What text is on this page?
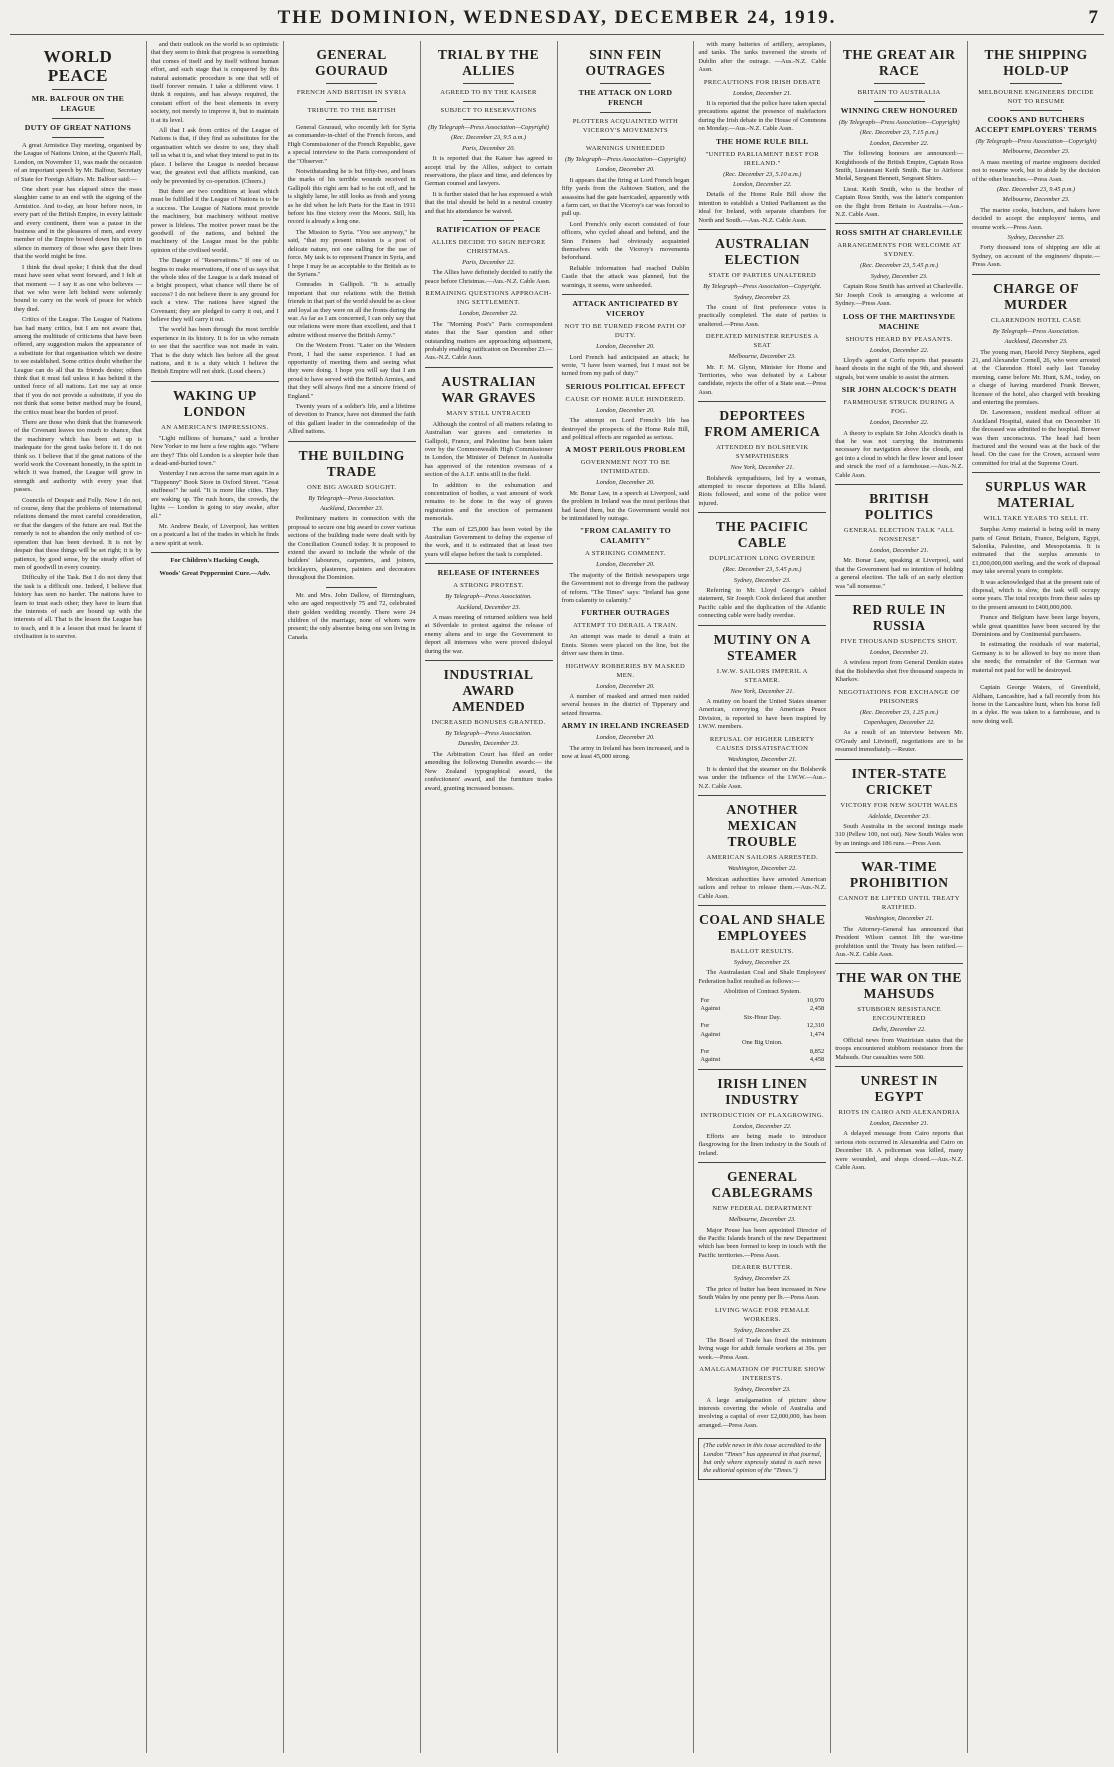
THE DOMINION, WEDNESDAY, DECEMBER 24, 1919.	7
WORLD PEACE
MR. BALFOUR ON THE LEAGUE
DUTY OF GREAT NATIONS

A great Armistice Day meeting, organised by the League of Nations Union, at the Queen's Hall, London, on November 11, was made the occasion of an important speech by Mr. Balfour, Secretary of State for Foreign Affairs. Mr. Balfour said:—

One short year has elapsed since the mass slaughter came to an end with the signing of the Armistice. And to-day, an hour before noon, in every part of the British Empire, in every latitude and every continent, there was a pause in the business and in the pleasures of men, and every member of the Empire bowed down his spirit in silence in memory of those who gave their lives that the world might be free.

I think the dead spoke; I think that the dead must have seen what went forward, and I felt at that moment — I say it as one who believes — that we who were left behind were solemnly bound to carry on the work of peace for which they died.

Critics of the League. The League of Nations has had many critics, but I am not aware that, among the multitude of criticisms that have been offered, any suggestion makes the appearance of a substitute for that organisation which we desire to see established. Some critics doubt whether the League can do all that its friends desire; others think that it must fail unless it has behind it the united force of all nations. Let me say at once that if you do not provide a substitute, if you do not think that some better method may be found, the critics must bear the burden of proof.

There are those who think that the framework of the Covenant leaves too much to chance, that the machinery which has been set up is inadequate for the great tasks before it. I do not think so. I believe that if the great nations of the world work the Covenant honestly, in the spirit in which it was framed, the League will grow in strength and authority with every year that passes.

Councils of Despair and Folly. Now I do not, of course, deny that the problems of international relations demand the most careful consideration, or that the dangers of the future are real. But the remedy is not to abandon the only method of co-operation that has been devised. It is not by despair that these things will be set right; it is by patience, by good sense, by the steady effort of men of goodwill in every country.

Difficulty of the Task. But I do not deny that the task is a difficult one. Indeed, I believe that history has seen no harder. The nations have to learn to trust each other; they have to learn that the interests of each are bound up with the interests of all. That is the lesson the League has to teach, and it is a lesson that must be learnt if civilisation is to survive.

and their outlook on the world is so optimistic that they seem to think that progress is something that comes of itself and by itself without human effort, and such stage that is conquered by this natural automatic procedure is one that will of itself forever remain. I take a different view. I think it requires, and has always required, the constant effort of the best elements in every society, not merely to improve it, but to maintain it at its level.

All that I ask from critics of the League of Nations is that, if they find us substitutes for the organisation which we desire to see, they shall tell us what it is, and what they intend to put in its place. I believe the League is needed because war, the greatest evil that afflicts mankind, can only be prevented by co-operation. (Cheers.)

But there are two conditions at least which must be fulfilled if the League of Nations is to be a success. The League of Nations must provide the machinery, but machinery without motive power is lifeless. The motive power must be the goodwill of the nations, and behind the machinery of the League must be the public opinion of the civilised world.

The Danger of "Reservations." If one of us begins to make reservations, if one of us says that the whole idea of the League is a dark instead of a bright prospect, what chance will there be of success? I do not believe there is any ground for such a view. The nations have signed the Covenant; they are pledged to carry it out, and I believe they will carry it out.

The world has been through the most terrible experience in its history. It is for us who remain to see that the sacrifice was not made in vain. That is the duty which lies before all the great nations, and it is a duty which I believe the British Empire will not shirk. (Loud cheers.)

WAKING UP LONDON
AN AMERICAN'S IMPRESSIONS.

"Light millions of humans," said a brother New Yorker to me here a few nights ago. "Where are they? This old London is a sleepier hole than a dead-and-buried town."

Yesterday I ran across the same man again in a "Tuppenny" Book Store in Oxford Street. "Great stuffness!" he said. "It is more like cities. They are waking up. The rush hours, the crowds, the lights — London is going to stay awake, after all."

Mr. Andrew Beale, of Liverpool, has written on a postcard a list of the trades in which he finds a new spirit at work.

For Children's Hacking Cough,
Woods' Great Peppermint Cure.—Adv.
GENERAL GOURAUD
FRENCH AND BRITISH IN SYRIA
TRIBUTE TO THE BRITISH

General Gouraud, who recently left for Syria as commander-in-chief of the French forces, and High Commissioner of the French Republic, gave a special interview to the Paris correspondent of the "Observer."

Notwithstanding he is but fifty-two, and bears the marks of his terrible wounds received in Gallipoli this right arm had to be cut off, and he is slightly lame, he still looks as fresh and young as he did when he left Paris for the East in 1911 before his fine victory over the Moors. Still, his record is already a long one.

The Mission to Syria. "You see anyway," he said, "that my present mission is a post of delicate nature, not one calling for the use of force. My task is to represent France in Syria, and I hope I may be as acceptable to the British as to the Syrians."

Comrades in Gallipoli. "It is actually important that our relations with the British friends in that part of the world should be as close and loyal as they were on all the fronts during the war. As far as I am concerned, I can only say that our relations were more than excellent, and that I admire without reserve the British Army."

On the Western Front. "Later on the Western Front, I had the same experience. I had an opportunity of meeting them and seeing what they were doing. I hope you will say that I am proud to have served with the British Armies, and that they will always find me a sincere friend of England."

Twenty years of a soldier's life, and a lifetime of devotion to France, have not dimmed the faith of this gallant leader in the comradeship of the Allied nations.

THE BUILDING TRADE
ONE BIG AWARD SOUGHT.
By Telegraph—Press Association.
Auckland, December 23.

Preliminary matters in connection with the proposal to secure one big award to cover various sections of the building trade were dealt with by the Conciliation Council today. It is proposed to extend the award to include the whole of the builders' labourers, carpenters, and joiners, bricklayers, plasterers, painters and decorators throughout the Dominion.

Mr. and Mrs. John Dallow, of Birmingham, who are aged respectively 75 and 72, celebrated their golden wedding recently. There were 24 children of the marriage, none of whom were present; the only absentee being one son living in Canada.

TRIAL BY THE ALLIES
AGREED TO BY THE KAISER
SUBJECT TO RESERVATIONS
(By Telegraph—Press Association—Copyright)
(Rec. December 23, 9.5 a.m.)
Paris, December 20.

It is reported that the Kaiser has agreed to accept trial by the Allies, subject to certain reservations, the place and time, and defences by German counsel and lawyers.

It is further stated that he has expressed a wish that the trial should be held in a neutral country and that his attendance be waived.

RATIFICATION OF PEACE
ALLIES DECIDE TO SIGN BEFORE CHRISTMAS.
Paris, December 22.

The Allies have definitely decided to ratify the peace before Christmas.—Aus.-N.Z. Cable Assn.

REMAINING QUESTIONS APPROACH-ING SETTLEMENT.
London, December 22.

The "Morning Post's" Paris correspondent states that the Saar question and other outstanding matters are approaching adjustment, probably enabling ratification on December 23.—Aus.-N.Z. Cable Assn.

AUSTRALIAN WAR GRAVES
MANY STILL UNTRACED

Although the control of all matters relating to Australian war graves and cemeteries in Gallipoli, France, and Palestine has been taken over by the Commonwealth High Commissioner in London, the Minister of Defence in Australia has approved of the retention overseas of a section of the A.I.F. units still in the field.

In addition to the exhumation and concentration of bodies, a vast amount of work remains to be done in the way of graves registration and the erection of permanent memorials.

The sum of £25,000 has been voted by the Australian Government to defray the expense of the work, and it is estimated that at least two years will elapse before the task is completed.

RELEASE OF INTERNEES
A STRONG PROTEST.
By Telegraph—Press Association.
Auckland, December 23.

A mass meeting of returned soldiers was held at Silverdale to protest against the release of enemy aliens and to urge the Government to deport all internees who were proved disloyal during the war.

INDUSTRIAL AWARD AMENDED
INCREASED BONUSES GRANTED.
By Telegraph—Press Association.
Dunedin, December 23.

The Arbitration Court has filed an order amending the following Dunedin awards:— the New Zealand typographical award, the confectioners' award, and the furniture trades award, granting increased bonuses.

SINN FEIN OUTRAGES
THE ATTACK ON LORD FRENCH
PLOTTERS ACQUAINTED WITH VICEROY'S MOVEMENTS
WARNINGS UNHEEDED
(By Telegraph—Press Association—Copyright)
London, December 20.

It appears that the firing at Lord French began fifty yards from the Ashtown Station, and the assassins had the gate barricaded, apparently with a farm cart, so that the Viceroy's car was forced to pull up.

Lord French's only escort consisted of four officers, who cycled ahead and behind, and the Sinn Feiners had obviously acquainted themselves with the Viceroy's movements beforehand.

Reliable information had reached Dublin Castle that the attack was planned, but the warnings, it seems, were unheeded.

ATTACK ANTICIPATED BY VICEROY
NOT TO BE TURNED FROM PATH OF DUTY.
London, December 20.

Lord French had anticipated an attack; he wrote, "I have been warned, but I must not be turned from my path of duty."

SERIOUS POLITICAL EFFECT
CAUSE OF HOME RULE HINDERED.
London, December 20.

The attempt on Lord French's life has destroyed the prospects of the Home Rule Bill, and political effects are regarded as serious.

A MOST PERILOUS PROBLEM
GOVERNMENT NOT TO BE INTIMIDATED.
London, December 20.

Mr. Bonar Law, in a speech at Liverpool, said the problem in Ireland was the most perilous that had faced them, but the Government would not be intimidated by outrage.

"FROM CALAMITY TO CALAMITY"
A STRIKING COMMENT.
London, December 20.

The majority of the British newspapers urge the Government not to diverge from the pathway of reform. "The Times" says: "Ireland has gone from calamity to calamity."

FURTHER OUTRAGES
ATTEMPT TO DERAIL A TRAIN.

An attempt was made to derail a train at Ennis. Stones were placed on the line, but the driver saw them in time.

HIGHWAY ROBBERIES BY MASKED MEN.
London, December 20.

A number of masked and armed men raided several houses in the district of Tipperary and seized firearms.

ARMY IN IRELAND INCREASED
London, December 20.

The army in Ireland has been increased, and is now at least 45,000 strong.

with many batteries of artillery, aeroplanes, and tanks. The tanks traversed the streets of Dublin after the outrage. —Aus.-N.Z. Cable Assn.

PRECAUTIONS FOR IRISH DEBATE
London, December 21.

It is reported that the police have taken special precautions against the presence of malefactors during the Irish debate in the House of Commons on Monday.—Aus.-N.Z. Cable Assn.

THE HOME RULE BILL
"UNITED PARLIAMENT BEST FOR IRELAND."
(Rec. December 23, 5.10 a.m.)
London, December 22.

Details of the Home Rule Bill show the intention to establish a United Parliament as the ideal for Ireland, with separate chambers for North and South.—Aus.-N.Z. Cable Assn.

AUSTRALIAN ELECTION
STATE OF PARTIES UNALTERED
By Telegraph—Press Association—Copyright.
Sydney, December 23.

The count of first preference votes is practically completed. The state of parties is unaltered.—Press Assn.

DEFEATED MINISTER REFUSES A SEAT
Melbourne, December 23.

Mr. F. M. Glynn, Minister for Home and Territories, who was defeated by a Labour candidate, rejects the offer of a State seat.—Press Assn.

DEPORTEES FROM AMERICA
ATTENDED BY BOLSHEVIK SYMPATHISERS
New York, December 21.

Bolshevik sympathisers, led by a woman, attempted to rescue deportees at Ellis Island. Riots followed, and some of the police were injured.

THE PACIFIC CABLE
DUPLICATION LONG OVERDUE
(Rec. December 23, 5.45 p.m.)
Sydney, December 23.

Referring to Mr. Lloyd George's cabled statement, Sir Joseph Cook declared that another Pacific cable and the duplication of the Atlantic connecting cable were badly overdue.

MUTINY ON A STEAMER
I.W.W. SAILORS IMPERIL A STEAMER.
New York, December 21.

A mutiny on board the United States steamer American, conveying the American Peace Division, is reported to have been inspired by I.W.W. members.

REFUSAL OF HIGHER LIBERTY CAUSES DISSATISFACTION
Washington, December 21.

It is denied that the steamer on the Bolshevik was under the influence of the I.W.W.—Aus.-N.Z. Cable Assn.

ANOTHER MEXICAN TROUBLE
AMERICAN SAILORS ARRESTED.
Washington, December 22.

Mexican authorities have arrested American sailors and refuse to release them.—Aus.-N.Z. Cable Assn.

COAL AND SHALE EMPLOYEES
BALLOT RESULTS.
Sydney, December 23.

The Australasian Coal and Shale Employees' Federation ballot resulted as follows:—

Abolition of Contract System.	
For	10,970
Against	2,458
Six-Hour Day.	
For	12,310
Against	1,474
One Big Union.	
For	8,852
Against	4,458
IRISH LINEN INDUSTRY
INTRODUCTION OF FLAXGROWING.
London, December 22.

Efforts are being made to introduce flaxgrowing for the linen industry in the South of Ireland.

GENERAL CABLEGRAMS
NEW FEDERAL DEPARTMENT
Melbourne, December 23.

Major Pouse has been appointed Director of the Pacific Islands branch of the new Department which has been formed to keep in touch with the Pacific territories.—Press Assn.

DEARER BUTTER.
Sydney, December 23.

The price of butter has been increased in New South Wales by one penny per lb.—Press Assn.

LIVING WAGE FOR FEMALE WORKERS.
Sydney, December 23.

The Board of Trade has fixed the minimum living wage for adult female workers at 39s. per week.—Press Assn.

AMALGAMATION OF PICTURE SHOW INTERESTS.
Sydney, December 23.

A large amalgamation of picture show interests covering the whole of Australia and involving a capital of over £2,000,000, has been arranged.—Press Assn.

(The cable news in this issue accredited to the London "Times" has appeared in that journal, but only where expressly stated is such news the editorial opinion of the "Times.")
THE GREAT AIR RACE
BRITAIN TO AUSTRALIA
WINNING CREW HONOURED
(By Telegraph—Press Association—Copyright)
(Rec. December 23, 7.15 p.m.)
London, December 22.

The following honours are announced:— Knighthoods of the British Empire, Captain Ross Smith, Lieutenant Keith Smith. Bar to Airforce Medal, Sergeant Bennett, Sergeant Shiers.

Lieut. Keith Smith, who is the brother of Captain Ross Smith, was the latter's companion on the flight from Britain to Australia.—Aus.-N.Z. Cable Assn.

ROSS SMITH AT CHARLEVILLE
ARRANGEMENTS FOR WELCOME AT SYDNEY.
(Rec. December 23, 5.45 p.m.)
Sydney, December 23.

Captain Ross Smith has arrived at Charleville. Sir Joseph Cook is arranging a welcome at Sydney.—Press Assn.

LOSS OF THE MARTINSYDE MACHINE
SHOUTS HEARD BY PEASANTS.
London, December 22.

Lloyd's agent at Corfu reports that peasants heard shouts in the night of the 9th, and showed signals, but were unable to assist the airmen.

SIR JOHN ALCOCK'S DEATH
FARMHOUSE STRUCK DURING A FOG.
London, December 22.

A theory to explain Sir John Alcock's death is that he was not carrying the instruments necessary for navigation above the clouds, and got into a cloud in which he flew lower and lower and struck the roof of a farmhouse.—Aus.-N.Z. Cable Assn.

BRITISH POLITICS
GENERAL ELECTION TALK "ALL NONSENSE"
London, December 21.

Mr. Bonar Law, speaking at Liverpool, said that the Government had no intention of holding a general election. The talk of an early election was "all nonsense."

RED RULE IN RUSSIA
FIVE THOUSAND SUSPECTS SHOT.
London, December 21.

A wireless report from General Denikin states that the Bolsheviks shot five thousand suspects in Kharkov.

NEGOTIATIONS FOR EXCHANGE OF PRISONERS
(Rec. December 23, 1.25 p.m.)
Copenhagen, December 22.

As a result of an interview between Mr. O'Grady and Litvinoff, negotiations are to be resumed immediately.—Reuter.

INTER-STATE CRICKET
VICTORY FOR NEW SOUTH WALES
Adelaide, December 23.

South Australia in the second innings made 310 (Pellew 100, not out). New South Wales won by an innings and 186 runs.—Press Assn.

WAR-TIME PROHIBITION
CANNOT BE LIFTED UNTIL TREATY RATIFIED.
Washington, December 21.

The Attorney-General has announced that President Wilson cannot lift the war-time prohibition until the Treaty has been ratified.—Aus.-N.Z. Cable Assn.

THE WAR ON THE MAHSUDS
STUBBORN RESISTANCE ENCOUNTERED
Delhi, December 22.

Official news from Waziristan states that the troops encountered stubborn resistance from the Mahsuds. Our casualties were 500.

UNREST IN EGYPT
RIOTS IN CAIRO AND ALEXANDRIA
London, December 21.

A delayed message from Cairo reports that serious riots occurred in Alexandria and Cairo on December 18. A policeman was killed, many were wounded, and shops closed.—Aus.-N.Z. Cable Assn.

THE SHIPPING HOLD-UP
MELBOURNE ENGINEERS DECIDE NOT TO RESUME
COOKS AND BUTCHERS ACCEPT EMPLOYERS' TERMS
(By Telegraph—Press Association—Copyright)
Melbourne, December 23.

A mass meeting of marine engineers decided not to resume work, but to abide by the decision of the other branches.—Press Assn.

(Rec. December 23, 9.45 p.m.)
Melbourne, December 23.

The marine cooks, butchers, and bakers have decided to accept the employers' terms, and resume work.—Press Assn.

Sydney, December 23.

Forty thousand tons of shipping are idle at Sydney, on account of the engineers' dispute.—Press Assn.

CHARGE OF MURDER
CLARENDON HOTEL CASE
By Telegraph—Press Association.
Auckland, December 23.

The young man, Harold Percy Stephens, aged 21, and Alexander Cornell, 26, who were arrested at the Clarendon Hotel early last Tuesday morning, came before Mr. Hunt, S.M., today, on a charge of having murdered Frank Brewer, licensee of the hotel, also charged with breaking and entering the premises.

Dr. Lawrenson, resident medical officer at Auckland Hospital, stated that on December 16 the deceased was admitted to the hospital. Brewer was then unconscious. The head had been fractured and the wound was at the back of the head. On the case for the Crown, accused were committed for trial at the Supreme Court.

SURPLUS WAR MATERIAL
WILL TAKE YEARS TO SELL IT.

Surplus Army material is being sold in many parts of Great Britain, France, Belgium, Egypt, Salonika, Palestine, and Mesopotamia. It is estimated that the surplus amounts to £1,000,000,000 sterling, and the work of disposal may take several years to complete.

It was acknowledged that at the present rate of disposal, which is slow, the task will occupy some years. The total receipts from these sales up to the present amount to £400,000,000.

France and Belgium have been large buyers, while great quantities have been secured by the Dominions and by Continental purchasers.

In estimating the residuals of war material, Germany is to be allowed to buy no more than she needs; the remainder of the German war material not paid for will be destroyed.

Captain George Waters, of Greenfield, Aldham, Lancashire, had a fall recently from his horse in the Lancashire hunt, when his horse fell in a dyke. He was taken to a farmhouse, and is now doing well.
